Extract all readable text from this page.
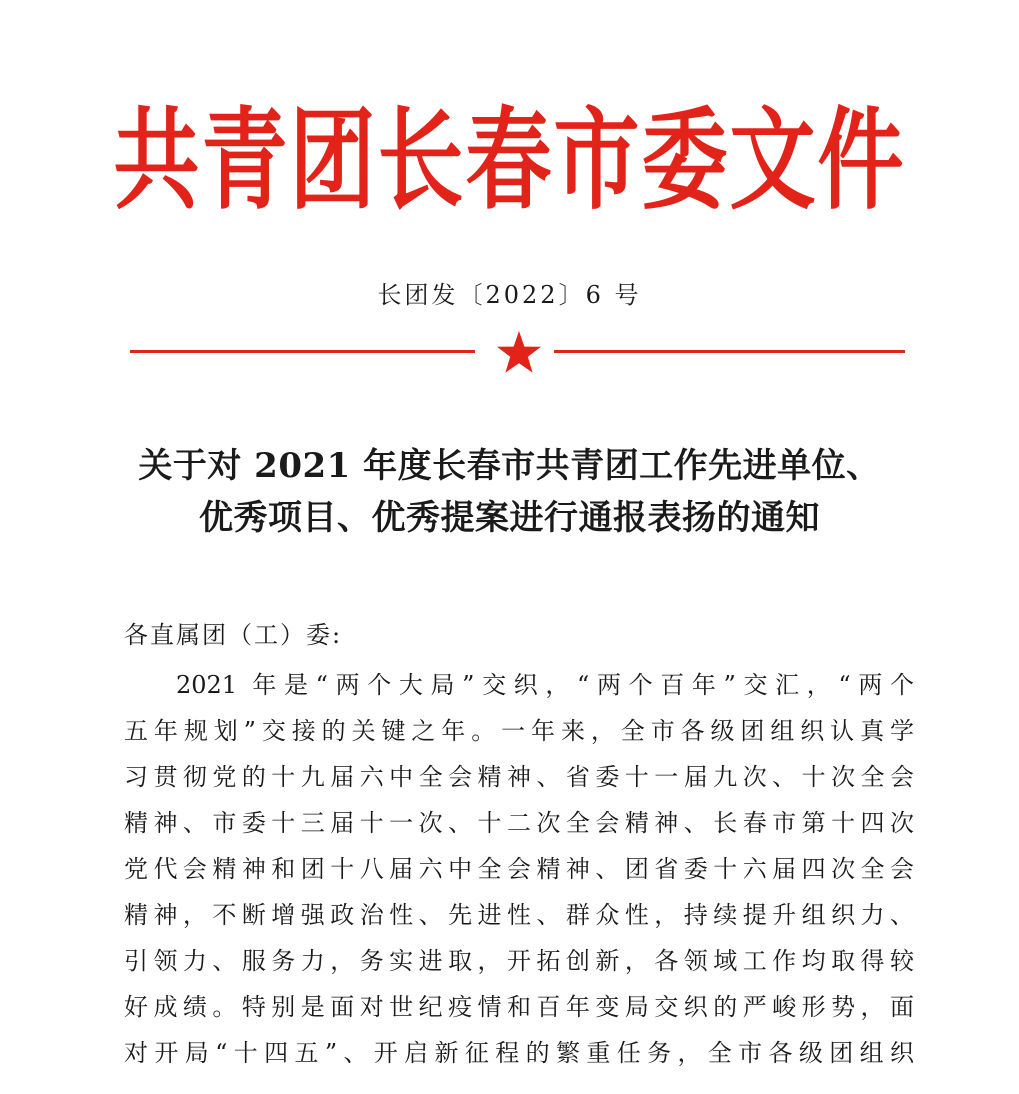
共青团长春市委文件
长团发〔2022〕6 号
关于对 2021 年度长春市共青团工作先进单位、
优秀项目、优秀提案进行通报表扬的通知
各直属团（工）委:
2021 年是“两个大局”交织，“两个百年”交汇，“两个
五年规划”交接的关键之年。一年来，全市各级团组织认真学
习贯彻党的十九届六中全会精神、省委十一届九次、十次全会
精神、市委十三届十一次、十二次全会精神、长春市第十四次
党代会精神和团十八届六中全会精神、团省委十六届四次全会
精神，不断增强政治性、先进性、群众性，持续提升组织力、
引领力、服务力，务实进取，开拓创新，各领域工作均取得较
好成绩。特别是面对世纪疫情和百年变局交织的严峻形势，面
对开局“十四五”、开启新征程的繁重任务，全市各级团组织
